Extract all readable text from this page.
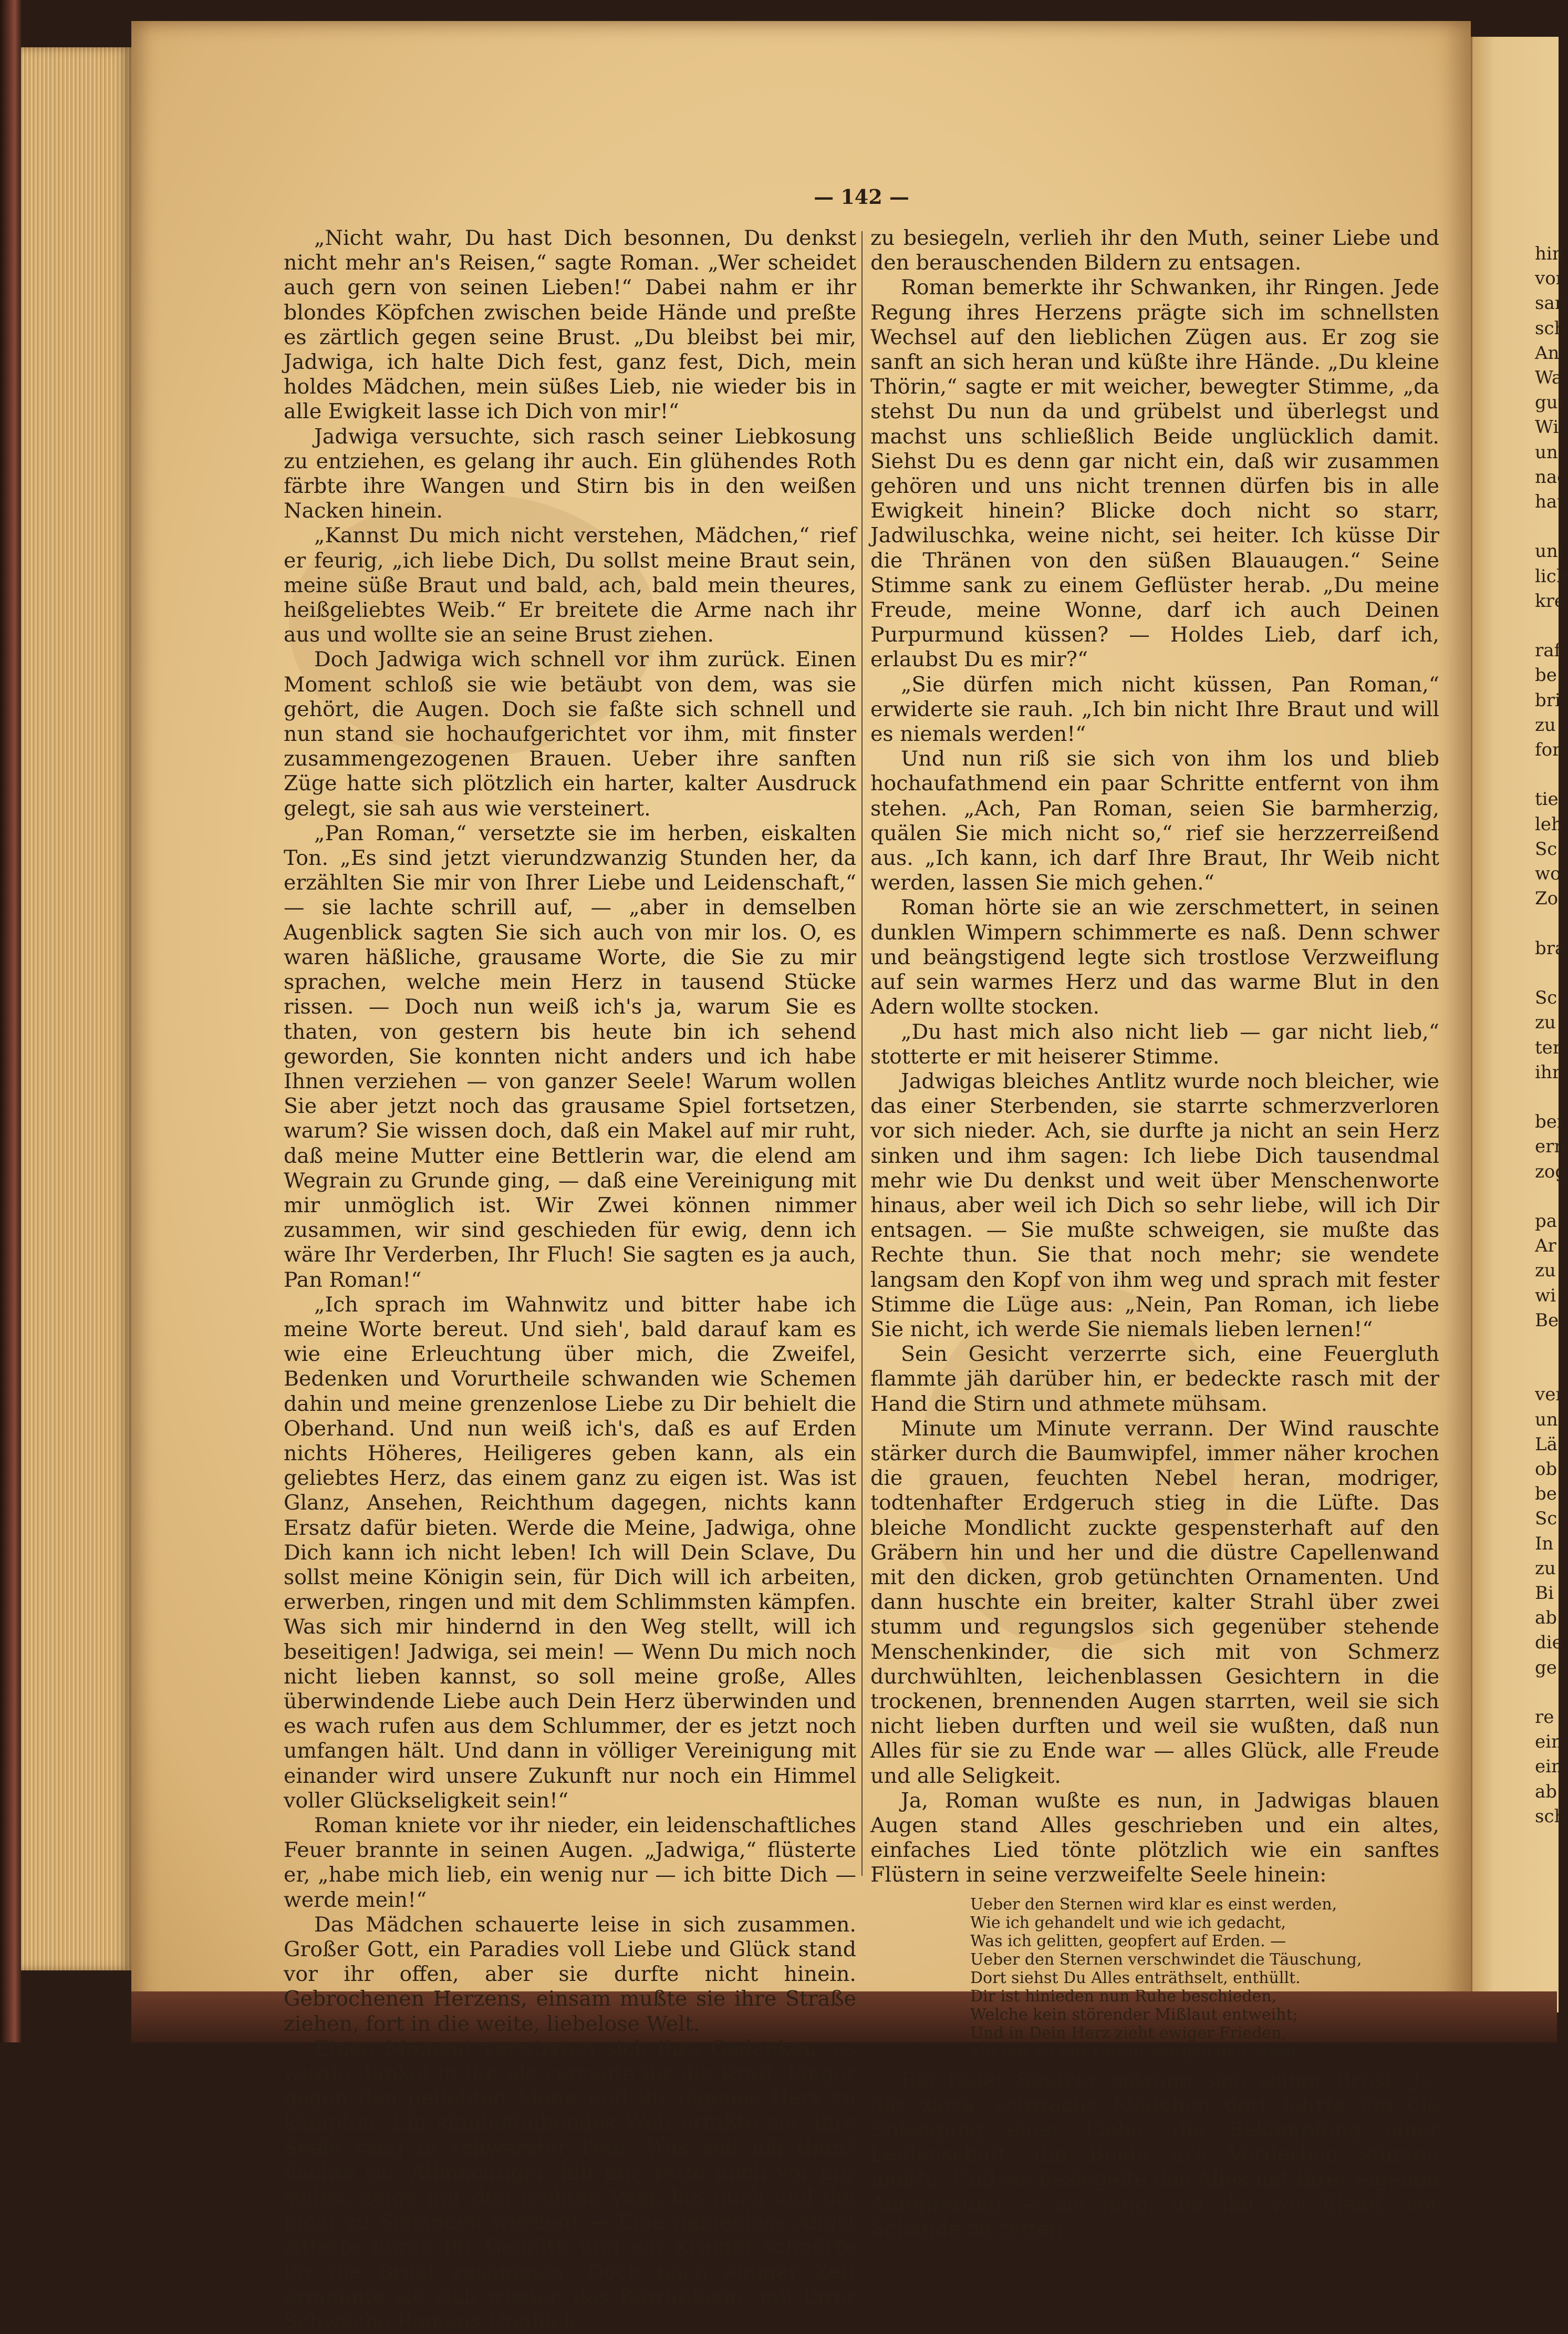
hin
vor
san
sch
An
Wa
gut
Wi
un
nac
hat

uni
lich
kre

raf
be
bri
zu
for

tie
leh
Sc
wo
Zo

bra

Sc
zu
ter
ihr

bei
ern
zog

pa
Ar
zu
wi
Be

ver
un
Lä
ob
be
Sc
In
zu
Bi
ab
die
ge

re
ein
ein
ab
sch
— 142 —

„Nicht wahr, Du hast Dich besonnen, Du denkst nicht mehr an's Reisen,“ sagte Roman. „Wer scheidet auch gern von seinen Lieben!“ Dabei nahm er ihr blondes Köpfchen zwischen beide Hände und preßte es zärtlich gegen seine Brust. „Du bleibst bei mir, Jadwiga, ich halte Dich fest, ganz fest, Dich, mein holdes Mädchen, mein süßes Lieb, nie wieder bis in alle Ewigkeit lasse ich Dich von mir!“

Jadwiga versuchte, sich rasch seiner Liebkosung zu entziehen, es gelang ihr auch. Ein glühendes Roth färbte ihre Wangen und Stirn bis in den weißen Nacken hinein.

„Kannst Du mich nicht verstehen, Mädchen,“ rief er feurig, „ich liebe Dich, Du sollst meine Braut sein, meine süße Braut und bald, ach, bald mein theures, heißgeliebtes Weib.“ Er breitete die Arme nach ihr aus und wollte sie an seine Brust ziehen.

Doch Jadwiga wich schnell vor ihm zurück. Einen Moment schloß sie wie betäubt von dem, was sie gehört, die Augen. Doch sie faßte sich schnell und nun stand sie hochaufgerichtet vor ihm, mit finster zusammengezogenen Brauen. Ueber ihre sanften Züge hatte sich plötzlich ein harter, kalter Ausdruck gelegt, sie sah aus wie versteinert.

„Pan Roman,“ versetzte sie im herben, eiskalten Ton. „Es sind jetzt vierundzwanzig Stunden her, da erzählten Sie mir von Ihrer Liebe und Leidenschaft,“ — sie lachte schrill auf, — „aber in demselben Augenblick sagten Sie sich auch von mir los. O, es waren häßliche, grausame Worte, die Sie zu mir sprachen, welche mein Herz in tausend Stücke rissen. — Doch nun weiß ich's ja, warum Sie es thaten, von gestern bis heute bin ich sehend geworden, Sie konnten nicht anders und ich habe Ihnen verziehen — von ganzer Seele! Warum wollen Sie aber jetzt noch das grausame Spiel fortsetzen, warum? Sie wissen doch, daß ein Makel auf mir ruht, daß meine Mutter eine Bettlerin war, die elend am Wegrain zu Grunde ging, — daß eine Vereinigung mit mir unmöglich ist. Wir Zwei können nimmer zusammen, wir sind geschieden für ewig, denn ich wäre Ihr Verderben, Ihr Fluch! Sie sagten es ja auch, Pan Roman!“

„Ich sprach im Wahnwitz und bitter habe ich meine Worte bereut. Und sieh', bald darauf kam es wie eine Erleuchtung über mich, die Zweifel, Bedenken und Vorurtheile schwanden wie Schemen dahin und meine grenzenlose Liebe zu Dir behielt die Oberhand. Und nun weiß ich's, daß es auf Erden nichts Höheres, Heiligeres geben kann, als ein geliebtes Herz, das einem ganz zu eigen ist. Was ist Glanz, Ansehen, Reichthum dagegen, nichts kann Ersatz dafür bieten. Werde die Meine, Jadwiga, ohne Dich kann ich nicht leben! Ich will Dein Sclave, Du sollst meine Königin sein, für Dich will ich arbeiten, erwerben, ringen und mit dem Schlimmsten kämpfen. Was sich mir hindernd in den Weg stellt, will ich beseitigen! Jadwiga, sei mein! — Wenn Du mich noch nicht lieben kannst, so soll meine große, Alles überwindende Liebe auch Dein Herz überwinden und es wach rufen aus dem Schlummer, der es jetzt noch umfangen hält. Und dann in völliger Vereinigung mit einander wird unsere Zukunft nur noch ein Himmel voller Glückseligkeit sein!“

Roman kniete vor ihr nieder, ein leidenschaftliches Feuer brannte in seinen Augen. „Jadwiga,“ flüsterte er, „habe mich lieb, ein wenig nur — ich bitte Dich — werde mein!“

Das Mädchen schauerte leise in sich zusammen. Großer Gott, ein Paradies voll Liebe und Glück stand vor ihr offen, aber sie durfte nicht hinein. Gebrochenen Herzens, einsam mußte sie ihre Straße ziehen, fort in die weite, liebelose Welt.

Einen Moment verwirrten sich ihre Gedanken, es wurde dunkel in ihr, als versagte ihr die Kraft, länger gegen den geliebten Mann und ihr eigenes Herz zu kämpfen. Ein sinnbetäubendes Weh erfaßte sie, ihre Seele rang in schwerster Pein. Was soll ich thun? dachte sie. Allmächtiger, hilf mir, rette mich vor mir selber, zeige mir den rechten Weg, laß mich und ihn nicht zu Schanden werden! — Eine namenlose Angst zitterte durch ihr Gemüth und ein Krampf schnürte ihr die Brust zusammen. Doch nach einiger Zeit ermannte sie sich wieder, das Bewußtsein, mit ihrer Schwäche Romans Unglück

zu besiegeln, verlieh ihr den Muth, seiner Liebe und den berauschenden Bildern zu entsagen.

Roman bemerkte ihr Schwanken, ihr Ringen. Jede Regung ihres Herzens prägte sich im schnellsten Wechsel auf den lieblichen Zügen aus. Er zog sie sanft an sich heran und küßte ihre Hände. „Du kleine Thörin,“ sagte er mit weicher, bewegter Stimme, „da stehst Du nun da und grübelst und überlegst und machst uns schließlich Beide unglücklich damit. Siehst Du es denn gar nicht ein, daß wir zusammen gehören und uns nicht trennen dürfen bis in alle Ewigkeit hinein? Blicke doch nicht so starr, Jadwiluschka, weine nicht, sei heiter. Ich küsse Dir die Thränen von den süßen Blauaugen.“ Seine Stimme sank zu einem Geflüster herab. „Du meine Freude, meine Wonne, darf ich auch Deinen Purpurmund küssen? — Holdes Lieb, darf ich, erlaubst Du es mir?“

„Sie dürfen mich nicht küssen, Pan Roman,“ erwiderte sie rauh. „Ich bin nicht Ihre Braut und will es niemals werden!“

Und nun riß sie sich von ihm los und blieb hochaufathmend ein paar Schritte entfernt von ihm stehen. „Ach, Pan Roman, seien Sie barmherzig, quälen Sie mich nicht so,“ rief sie herzzerreißend aus. „Ich kann, ich darf Ihre Braut, Ihr Weib nicht werden, lassen Sie mich gehen.“

Roman hörte sie an wie zerschmettert, in seinen dunklen Wimpern schimmerte es naß. Denn schwer und beängstigend legte sich trostlose Verzweiflung auf sein warmes Herz und das warme Blut in den Adern wollte stocken.

„Du hast mich also nicht lieb — gar nicht lieb,“ stotterte er mit heiserer Stimme.

Jadwigas bleiches Antlitz wurde noch bleicher, wie das einer Sterbenden, sie starrte schmerzverloren vor sich nieder. Ach, sie durfte ja nicht an sein Herz sinken und ihm sagen: Ich liebe Dich tausendmal mehr wie Du denkst und weit über Menschenworte hinaus, aber weil ich Dich so sehr liebe, will ich Dir entsagen. — Sie mußte schweigen, sie mußte das Rechte thun. Sie that noch mehr; sie wendete langsam den Kopf von ihm weg und sprach mit fester Stimme die Lüge aus: „Nein, Pan Roman, ich liebe Sie nicht, ich werde Sie niemals lieben lernen!“

Sein Gesicht verzerrte sich, eine Feuergluth flammte jäh darüber hin, er bedeckte rasch mit der Hand die Stirn und athmete mühsam.

Minute um Minute verrann. Der Wind rauschte stärker durch die Baumwipfel, immer näher krochen die grauen, feuchten Nebel heran, modriger, todtenhafter Erdgeruch stieg in die Lüfte. Das bleiche Mondlicht zuckte gespensterhaft auf den Gräbern hin und her und die düstre Capellenwand mit den dicken, grob getünchten Ornamenten. Und dann huschte ein breiter, kalter Strahl über zwei stumm und regungslos sich gegenüber stehende Menschenkinder, die sich mit von Schmerz durchwühlten, leichenblassen Gesichtern in die trockenen, brennenden Augen starrten, weil sie sich nicht lieben durften und weil sie wußten, daß nun Alles für sie zu Ende war — alles Glück, alle Freude und alle Seligkeit.

Ja, Roman wußte es nun, in Jadwigas blauen Augen stand Alles geschrieben und ein altes, einfaches Lied tönte plötzlich wie ein sanftes Flüstern in seine verzweifelte Seele hinein:

Ueber den Sternen wird klar es einst werden,
Wie ich gehandelt und wie ich gedacht,
Was ich gelitten, geopfert auf Erden. —
Ueber den Sternen verschwindet die Täuschung,
Dort siehst Du Alles enträthselt, enthüllt.
Dir ist hinieden nun Ruhe beschieden,
Welche kein störender Mißlaut entweiht;
Und in Dein Herz zieht ewiger Frieden,
Mit mir ist nur Unruh, Sorgen und Streit.

Ein tiefer Seufzer entrang sich seiner Brust. Ja, das zarte, schwache Mädchen dort lehrte ihn die Entsagung einer Liebe, die Bekämpfung einer Leidenschaft, die Beide in's Verderben stürzen mußte. Und sie besiegelte das Alles mit ihrer eigenen Aufopferung — sie ging, um ihn vor Elend, vor Schande zu retten.
